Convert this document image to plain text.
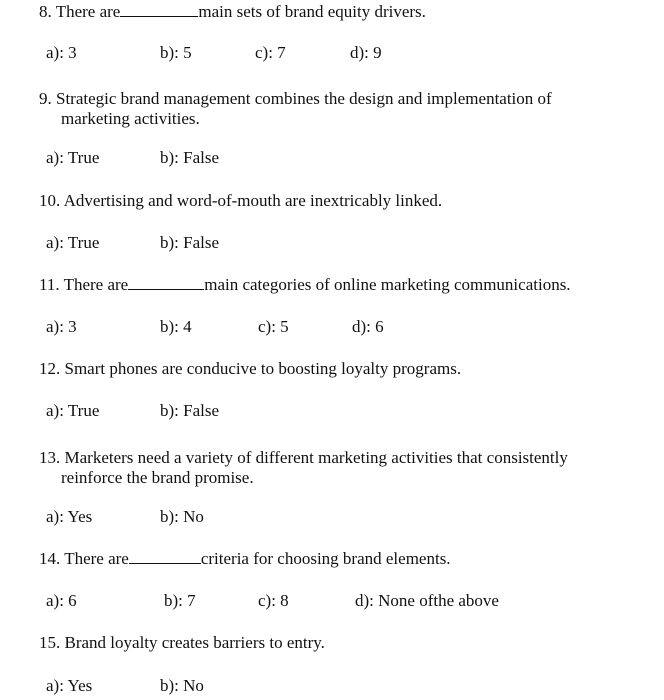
8. There are	main sets of brand equity drivers.
a): 3	b): 5	c): 7	d): 9
9. Strategic brand management combines the design and implementation of
marketing activities.
a): True	b): False
10. Advertising and word-of-mouth are inextricably linked.
a): True	b): False
11. There are	main categories of online marketing communications.
a): 3	b): 4	c): 5	d): 6
12. Smart phones are conducive to boosting loyalty programs.
a): True	b): False
13. Marketers need a variety of different marketing activities that consistently
reinforce the brand promise.
a): Yes	b): No
14. There are	criteria for choosing brand elements.
a): 6	b): 7	c): 8	d): None ofthe above
15. Brand loyalty creates barriers to entry.
a): Yes	b): No
